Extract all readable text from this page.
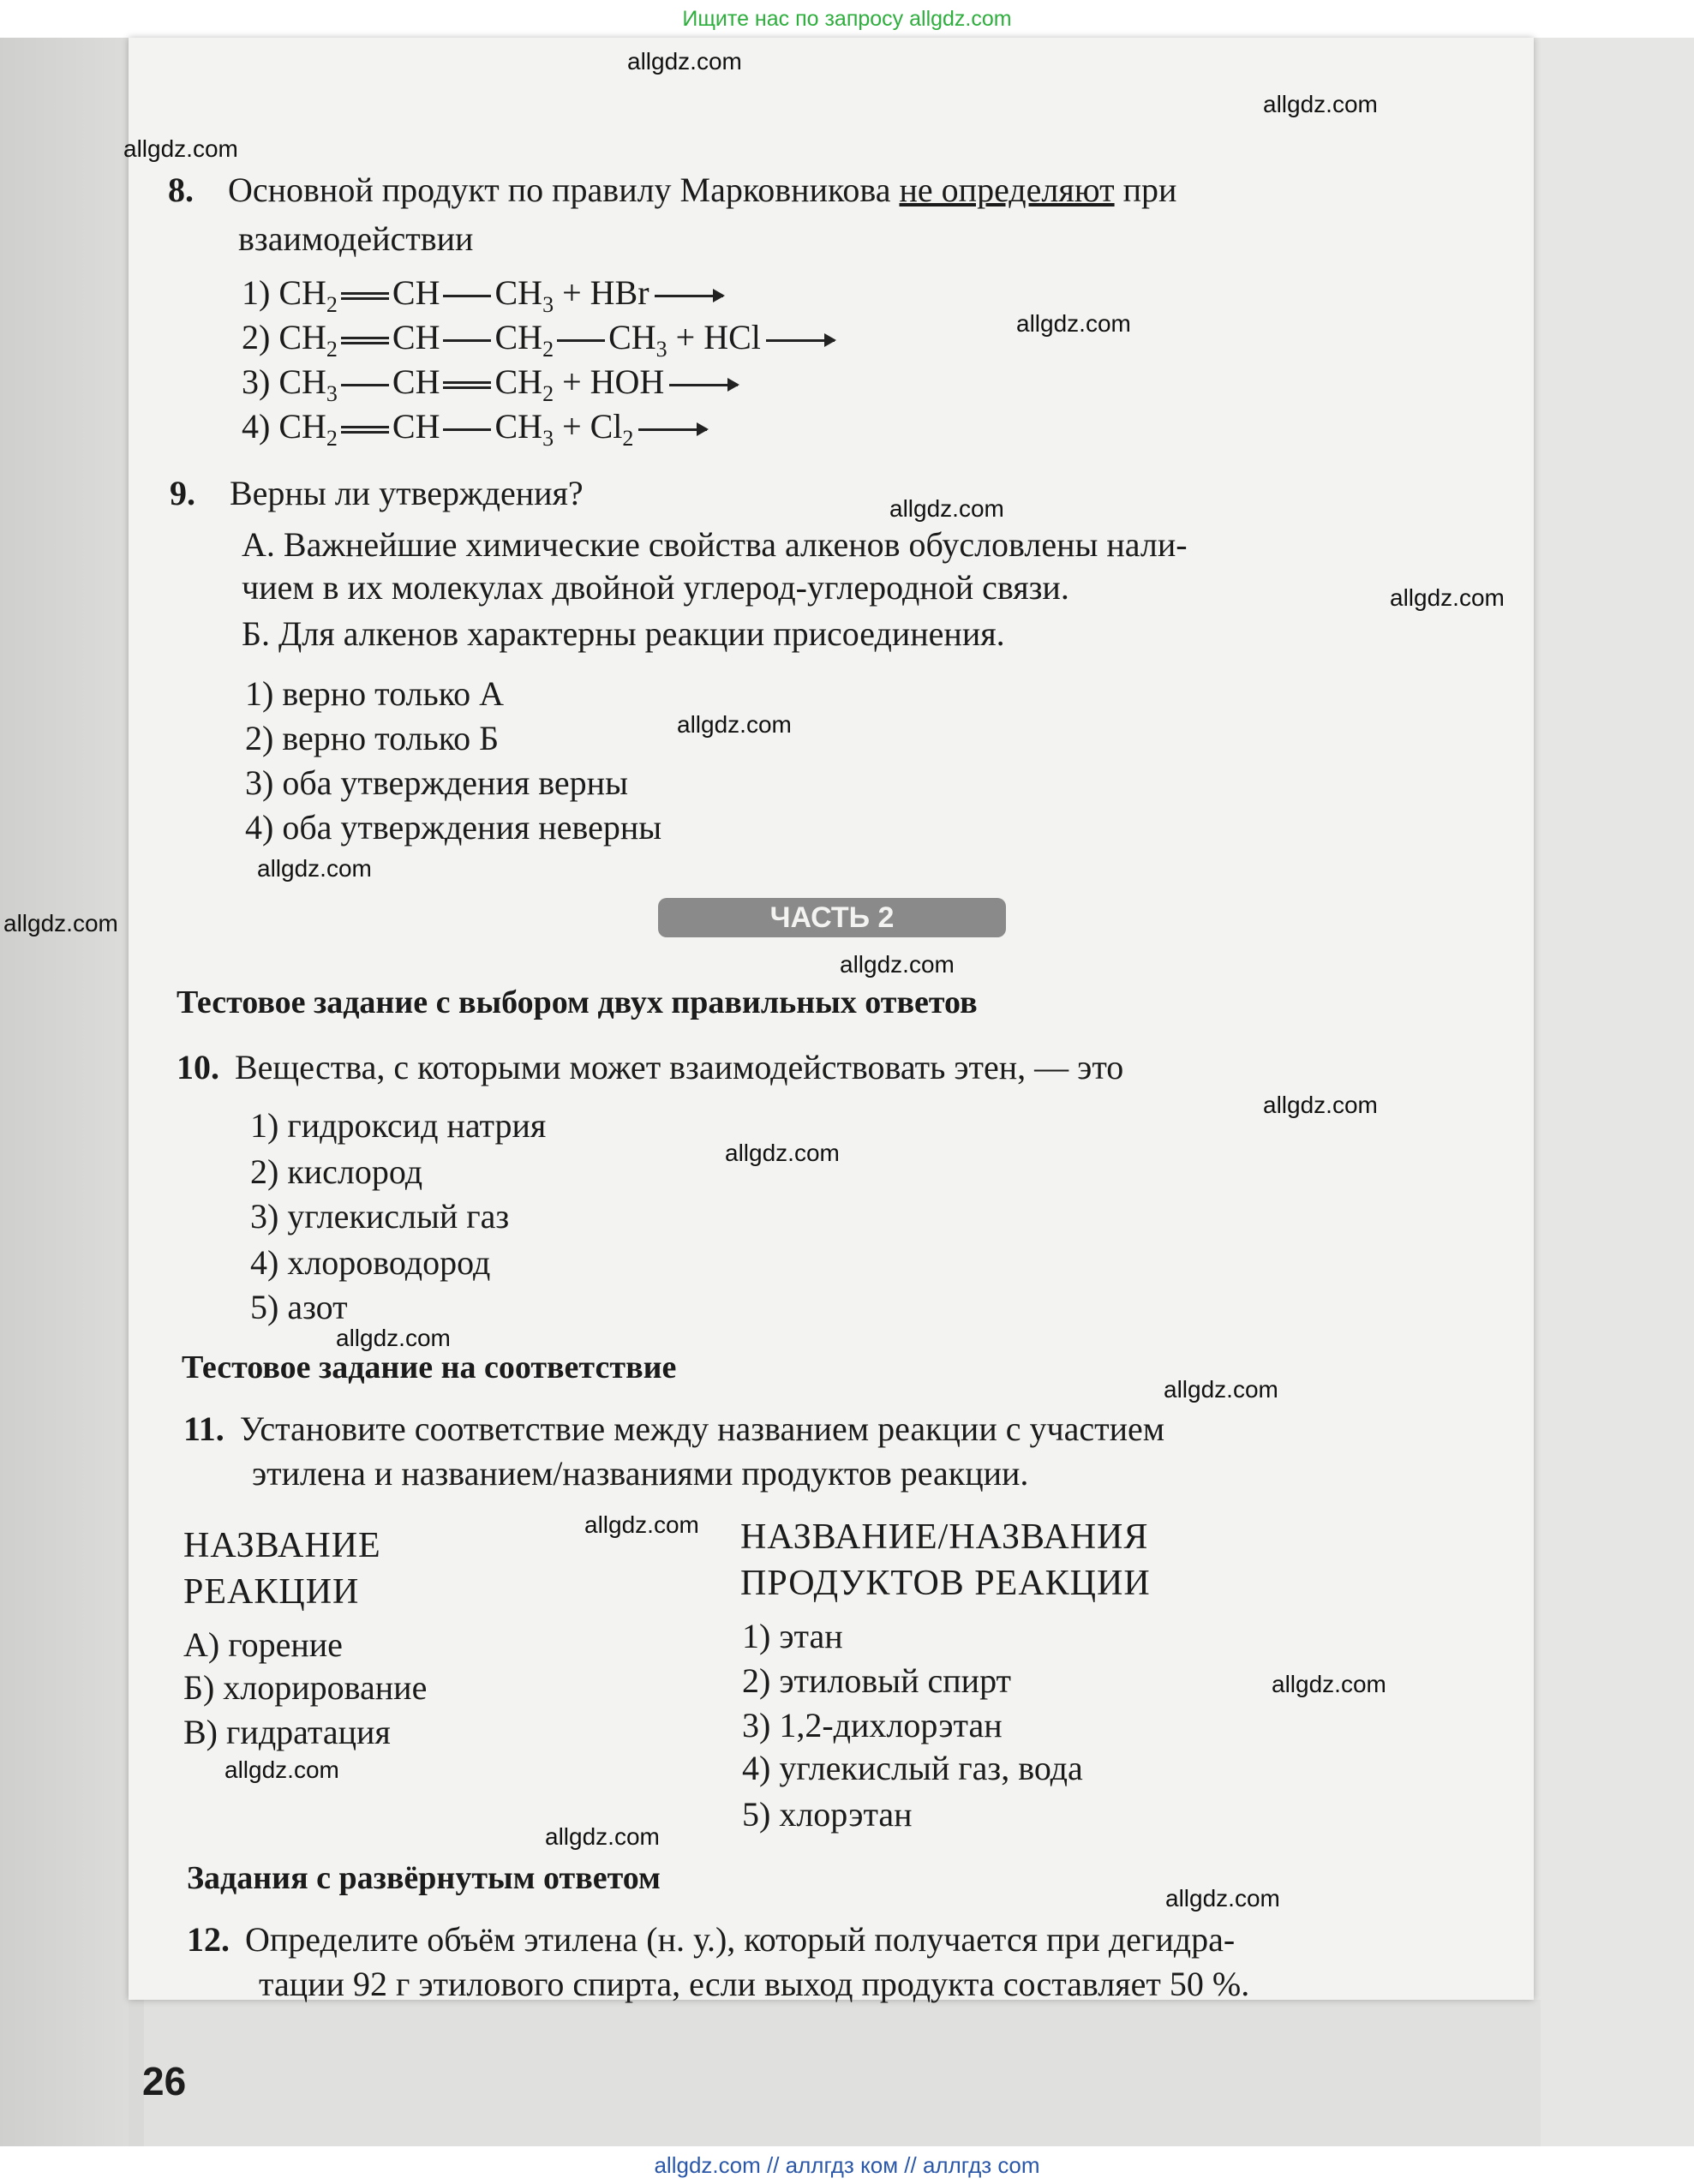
Ищите нас по запросу allgdz.com
8. Основной продукт по правилу Марковникова не определяют при
взаимодействии
1) $CH_2$ CH $CH_3$ + HBr
2) $CH_2$ CH $CH_2$ $CH_3$ + HCl
3) $CH_3$ CH $CH_2$ + HOH
4) $CH_2$ CH $CH_3 + Cl_2$
9. Верны ли утверждения?
А. Важнейшие химические свойства алкенов обусловлены нали-
чием в их молекулах двойной углерод-углеродной связи.
Б. Для алкенов характерны реакции присоединения.
1) верно только А
2) верно только Б
3) оба утверждения верны
4) оба утверждения неверны
ЧАСТЬ 2
Тестовое задание с выбором двух правильных ответов
10. Вещества, с которыми может взаимодействовать этен, — это
1) гидроксид натрия
2) кислород
3) углекислый газ
4) хлороводород
5) азот
Тестовое задание на соответствие
11. Установите соответствие между названием реакции с участием
этилена и названием/названиями продуктов реакции.
НАЗВАНИЕ
РЕАКЦИИ
НАЗВАНИЕ/НАЗВАНИЯ
ПРОДУКТОВ РЕАКЦИИ
А) горение
Б) хлорирование
В) гидратация
1) этан
2) этиловый спирт
3) 1,2-дихлорэтан
4) углекислый газ, вода
5) хлорэтан
Задания с развёрнутым ответом
12. Определите объём этилена (н. у.), который получается при дегидра-
тации 92 г этилового спирта, если выход продукта составляет 50 %.
26
allgdz.com
allgdz.com
allgdz.com
allgdz.com
allgdz.com
allgdz.com
allgdz.com
allgdz.com
allgdz.com
allgdz.com
allgdz.com
allgdz.com
allgdz.com
allgdz.com
allgdz.com
allgdz.com
allgdz.com
allgdz.com
allgdz.com
allgdz.com // аллгдз ком // аллгдз com
